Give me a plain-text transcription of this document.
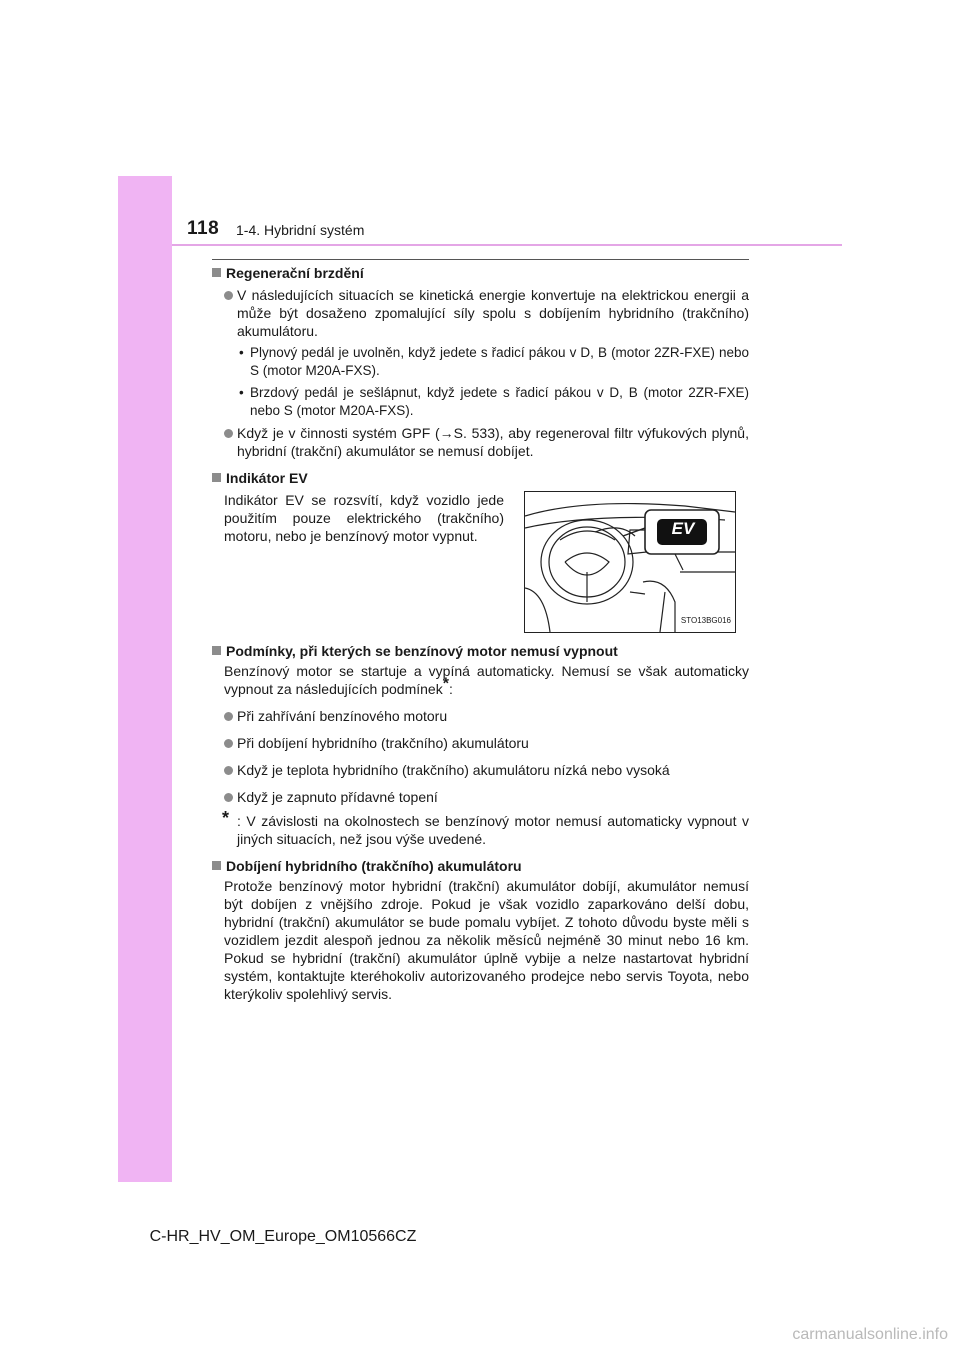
118 1-4. Hybridní systém

Regenerační brzdění

V následujících situacích se kinetická energie konvertuje na elektrickou energii a může být dosaženo zpomalující síly spolu s dobíjením hybridního (trakčního) akumulátoru.

• Plynový pedál je uvolněn, když jedete s řadicí pákou v D, B (motor 2ZR-FXE) nebo S (motor M20A-FXS).

• Brzdový pedál je sešlápnut, když jedete s řadicí pákou v D, B (motor 2ZR-FXE) nebo S (motor M20A-FXS).

Když je v činnosti systém GPF (→S. 533), aby regeneroval filtr výfukových plynů, hybridní (trakční) akumulátor se nemusí dobíjet.

Indikátor EV

Indikátor EV se rozsvítí, když vozidlo jede použitím pouze elektrického (trakčního) motoru, nebo je benzínový motor vypnut.	EV
STO13BG016

Podmínky, při kterých se benzínový motor nemusí vypnout

Benzínový motor se startuje a vypíná automaticky. Nemusí se však automaticky vypnout za následujících podmínek*:

Při zahřívání benzínového motoru

Při dobíjení hybridního (trakčního) akumulátoru

Když je teplota hybridního (trakčního) akumulátoru nízká nebo vysoká

Když je zapnuto přídavné topení

* : V závislosti na okolnostech se benzínový motor nemusí automaticky vypnout v jiných situacích, než jsou výše uvedené.

Dobíjení hybridního (trakčního) akumulátoru

Protože benzínový motor hybridní (trakční) akumulátor dobíjí, akumulátor nemusí být dobíjen z vnějšího zdroje. Pokud je však vozidlo zaparkováno delší dobu, hybridní (trakční) akumulátor se bude pomalu vybíjet. Z tohoto důvodu byste měli s vozidlem jezdit alespoň jednou za několik měsíců nejméně 30 minut nebo 16 km. Pokud se hybridní (trakční) akumulátor úplně vybije a nelze nastartovat hybridní systém, kontaktujte kteréhokoliv autorizovaného prodejce nebo servis Toyota, nebo kterýkoliv spolehlivý servis.

C-HR_HV_OM_Europe_OM10566CZ
carmanualsonline.info
